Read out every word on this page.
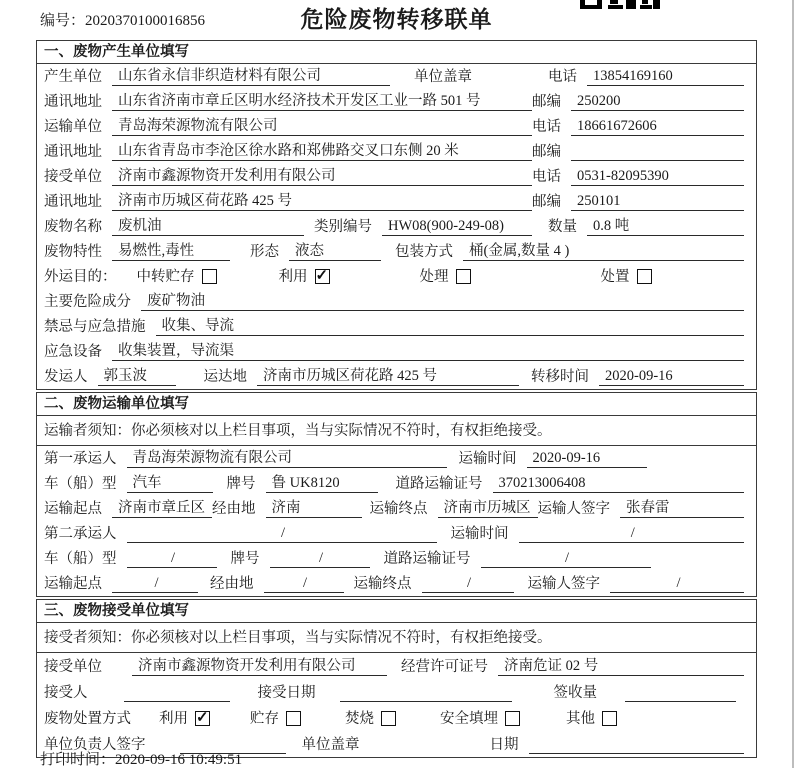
编号：2020370100016856	危险废物转移联单
一、废物产生单位填写
产生单位	山东省永信非织造材料有限公司	单位盖章	电话	13854169160
通讯地址	山东省济南市章丘区明水经济技术开发区工业一路 501 号	邮编	250200
运输单位	青岛海荣源物流有限公司	电话	18661672606
通讯地址	山东省青岛市李沧区徐水路和郑佛路交叉口东侧 20 米	邮编
接受单位	济南市鑫源物资开发利用有限公司	电话	0531-82095390
通讯地址	济南市历城区荷花路 425 号	邮编	250101
废物名称	废机油	类别编号	HW08(900-249-08)	数量	0.8 吨
废物特性	易燃性,毒性	形态	液态	包装方式	桶(金属,数量 4 )
外运目的： 中转贮存	利用 ✓	处理	处置
主要危险成分	废矿物油
禁忌与应急措施	收集、导流
应急设备	收集装置，导流渠
发运人	郭玉波	运达地	济南市历城区荷花路 425 号	转移时间	2020-09-16
二、废物运输单位填写
运输者须知：你必须核对以上栏目事项，当与实际情况不符时，有权拒绝接受。
第一承运人	青岛海荣源物流有限公司	运输时间	2020-09-16
车（船）型	汽车	牌号	鲁 UK8120	道路运输证号	370213006408
运输起点	济南市章丘区 经由地	济南	运输终点	济南市历城区 运输人签字	张春雷
第二承运人	/	运输时间	/
车（船）型	/	牌号	/	道路运输证号	/
运输起点	/	经由地	/	运输终点	/	运输人签字	/
三、废物接受单位填写
接受者须知：你必须核对以上栏目事项，当与实际情况不符时，有权拒绝接受。
接受单位	济南市鑫源物资开发利用有限公司	经营许可证号	济南危证 02 号
接受人	接受日期	签收量
废物处置方式 利用 ✓	贮存	焚烧	安全填埋	其他
单位负责人签字	单位盖章	日期
打印时间：2020-09-16 10:49:51
